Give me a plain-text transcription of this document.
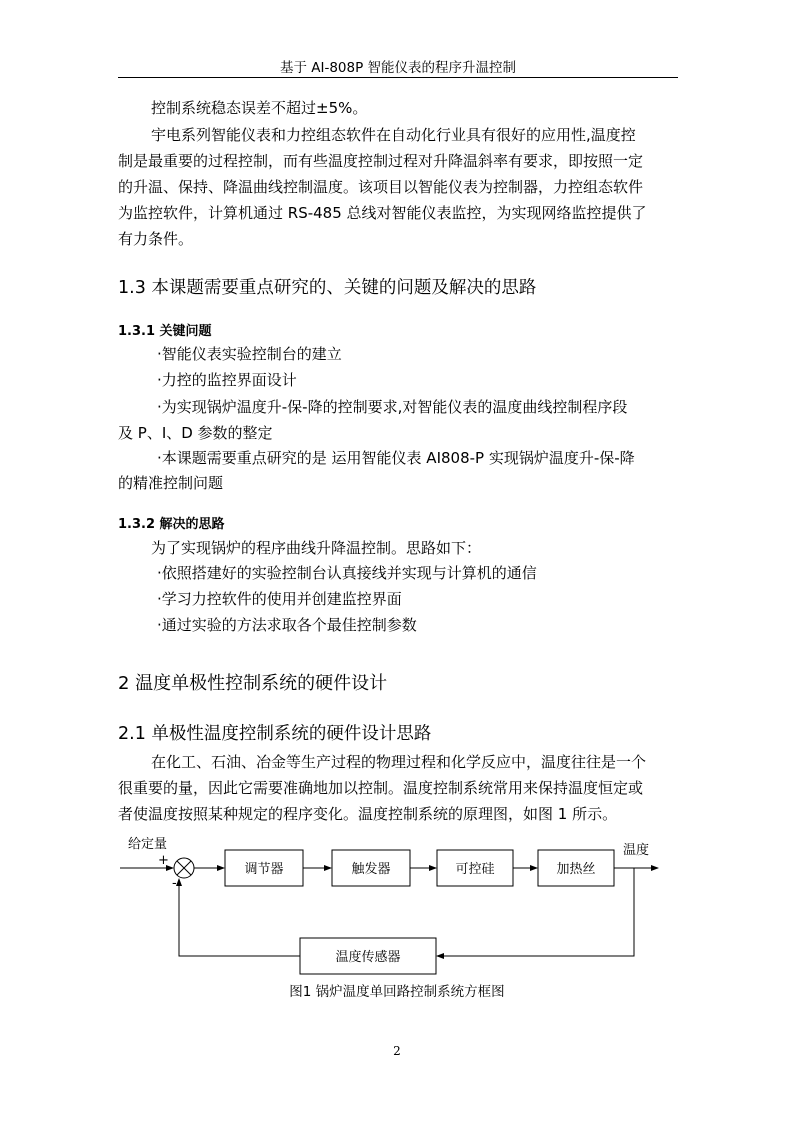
基于 AI-808P 智能仪表的程序升温控制
控制系统稳态误差不超过±5%。
宇电系列智能仪表和力控组态软件在自动化行业具有很好的应用性,温度控
制是最重要的过程控制，而有些温度控制过程对升降温斜率有要求，即按照一定
的升温、保持、降温曲线控制温度。该项目以智能仪表为控制器，力控组态软件
为监控软件，计算机通过 RS-485 总线对智能仪表监控，为实现网络监控提供了
有力条件。
1.3 本课题需要重点研究的、关键的问题及解决的思路
1.3.1 关键问题
·智能仪表实验控制台的建立
·力控的监控界面设计
·为实现锅炉温度升-保-降的控制要求,对智能仪表的温度曲线控制程序段
及 P、I、D 参数的整定
·本课题需要重点研究的是 运用智能仪表 AI808-P 实现锅炉温度升-保-降
的精准控制问题
1.3.2 解决的思路
为了实现锅炉的程序曲线升降温控制。思路如下：
·依照搭建好的实验控制台认真接线并实现与计算机的通信
·学习力控软件的使用并创建监控界面
·通过实验的方法求取各个最佳控制参数
2 温度单极性控制系统的硬件设计
2.1 单极性温度控制系统的硬件设计思路
在化工、石油、冶金等生产过程的物理过程和化学反应中，温度往往是一个
很重要的量，因此它需要准确地加以控制。温度控制系统常用来保持温度恒定或
者使温度按照某种规定的程序变化。温度控制系统的原理图，如图 1 所示。
给定量
+
-
调节器	触发器	可控硅	加热丝
温度
温度传感器
图1 锅炉温度单回路控制系统方框图
2
